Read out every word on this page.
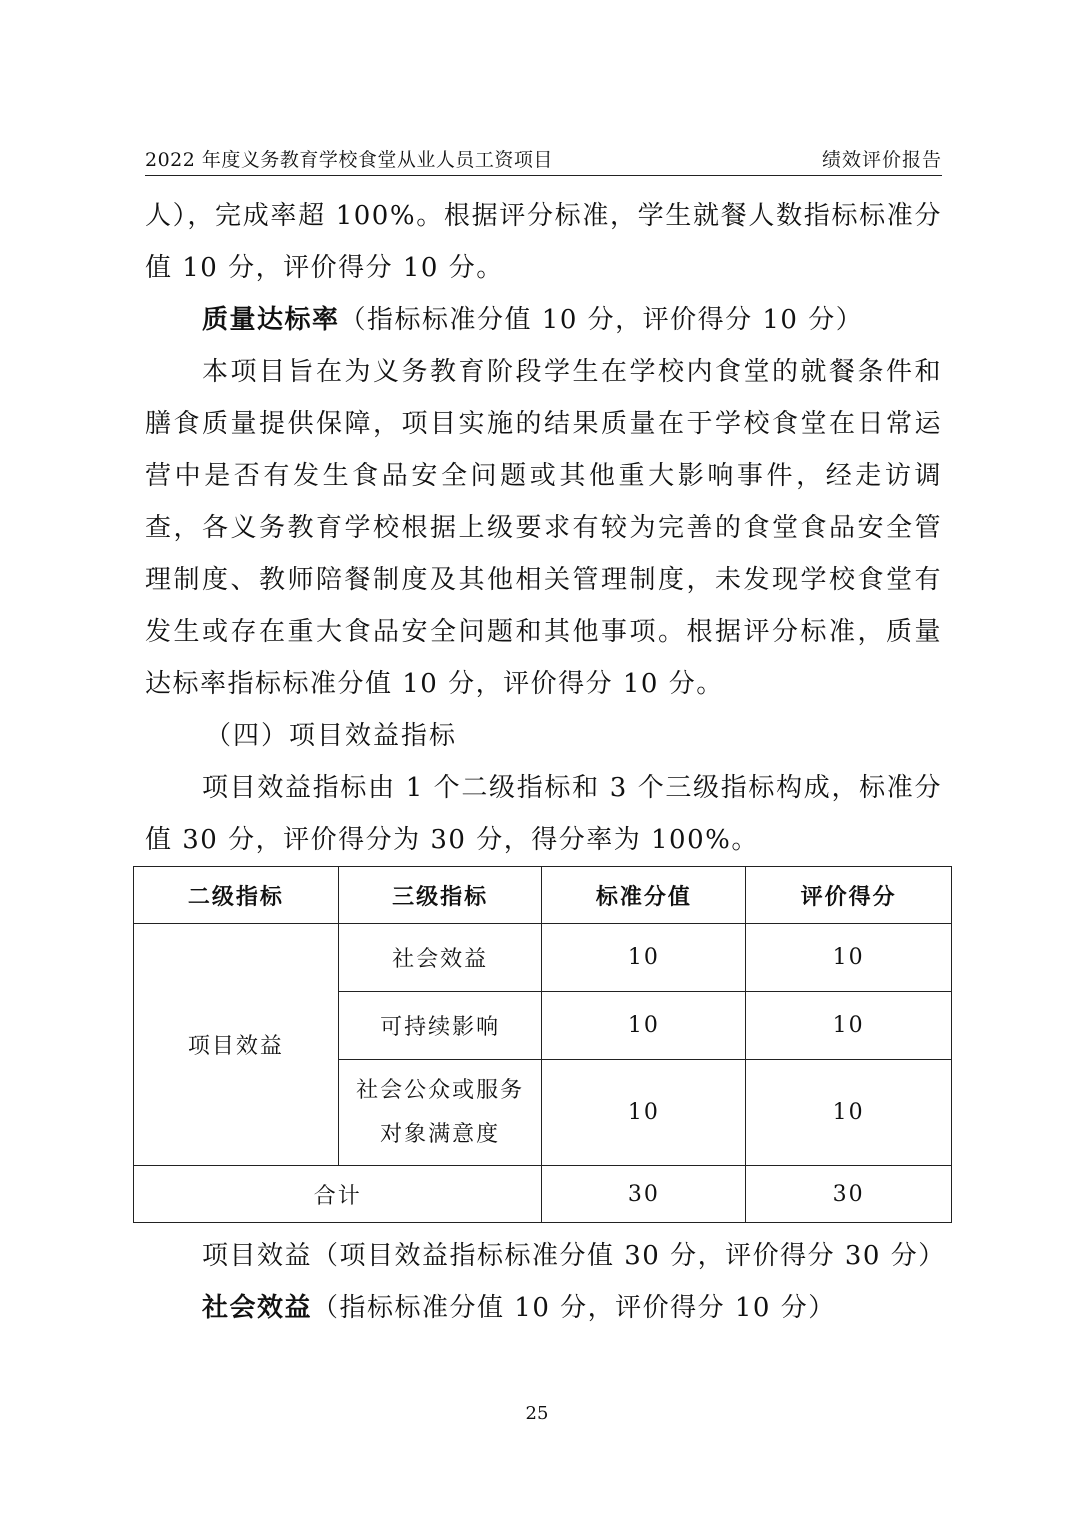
2022 年度义务教育学校食堂从业人员工资项目	绩效评价报告

人），完成率超 100%。根据评分标准，学生就餐人数指标标准分值 10 分，评价得分 10 分。

质量达标率（指标标准分值 10 分，评价得分 10 分）

本项目旨在为义务教育阶段学生在学校内食堂的就餐条件和膳食质量提供保障，项目实施的结果质量在于学校食堂在日常运营中是否有发生食品安全问题或其他重大影响事件，经走访调查，各义务教育学校根据上级要求有较为完善的食堂食品安全管理制度、教师陪餐制度及其他相关管理制度，未发现学校食堂有发生或存在重大食品安全问题和其他事项。根据评分标准，质量达标率指标标准分值 10 分，评价得分 10 分。

（四）项目效益指标

项目效益指标由 1 个二级指标和 3 个三级指标构成，标准分值 30 分，评价得分为 30 分，得分率为 100%。

二级指标	三级指标	标准分值	评价得分
项目效益	社会效益	10	10
	可持续影响	10	10
	社会公众或服务
对象满意度	10	10
合计		30	30

项目效益（项目效益指标标准分值 30 分，评价得分 30 分）

社会效益（指标标准分值 10 分，评价得分 10 分）

25
